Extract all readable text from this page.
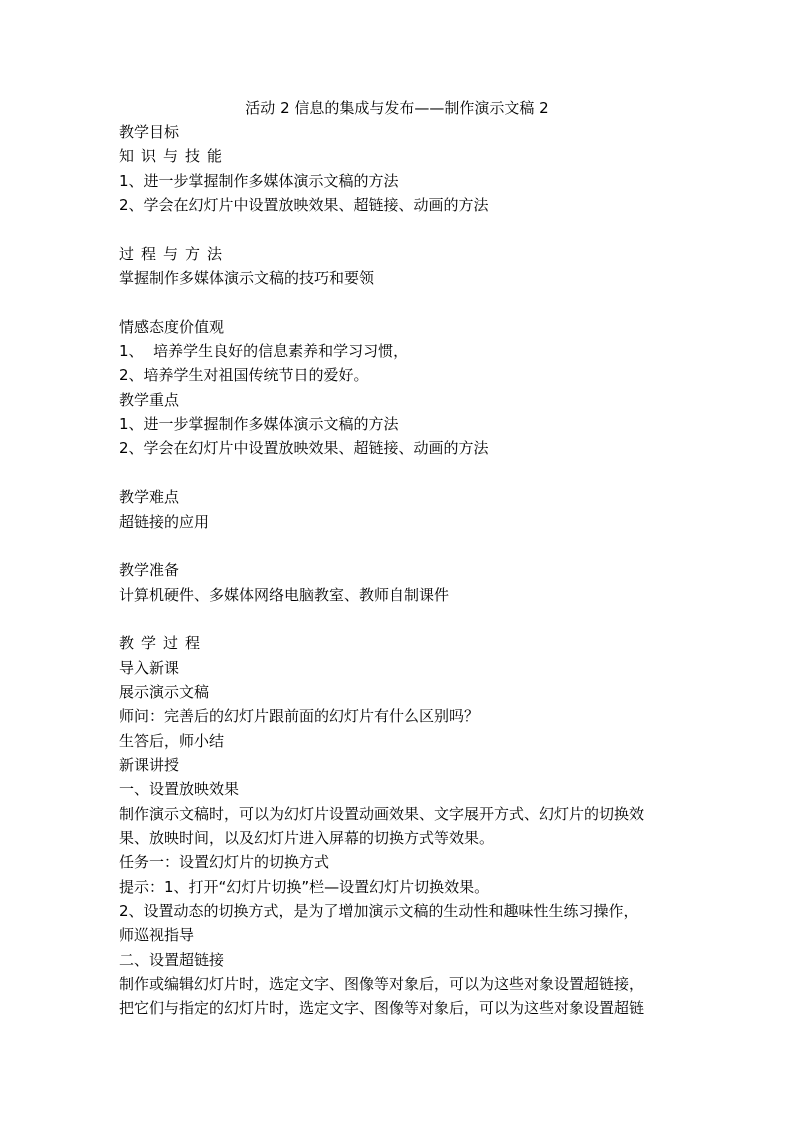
活动 2 信息的集成与发布——制作演示文稿 2
教学目标
知识与技能
1、进一步掌握制作多媒体演示文稿的方法
2、学会在幻灯片中设置放映效果、超链接、动画的方法
过程与方法
掌握制作多媒体演示文稿的技巧和要领
情感态度价值观
1、  培养学生良好的信息素养和学习习惯，
2、培养学生对祖国传统节日的爱好。
教学重点
1、进一步掌握制作多媒体演示文稿的方法
2、学会在幻灯片中设置放映效果、超链接、动画的方法
教学难点
超链接的应用
教学准备
计算机硬件、多媒体网络电脑教室、教师自制课件
教学过程
导入新课
展示演示文稿
师问：完善后的幻灯片跟前面的幻灯片有什么区别吗？
生答后，师小结
新课讲授
一、设置放映效果
制作演示文稿时，可以为幻灯片设置动画效果、文字展开方式、幻灯片的切换效
果、放映时间，以及幻灯片进入屏幕的切换方式等效果。
任务一：设置幻灯片的切换方式
提示：1、打开“幻灯片切换”栏—设置幻灯片切换效果。
2、设置动态的切换方式，是为了增加演示文稿的生动性和趣味性生练习操作，
师巡视指导
二、设置超链接
制作或编辑幻灯片时，选定文字、图像等对象后，可以为这些对象设置超链接，
把它们与指定的幻灯片时，选定文字、图像等对象后，可以为这些对象设置超链
